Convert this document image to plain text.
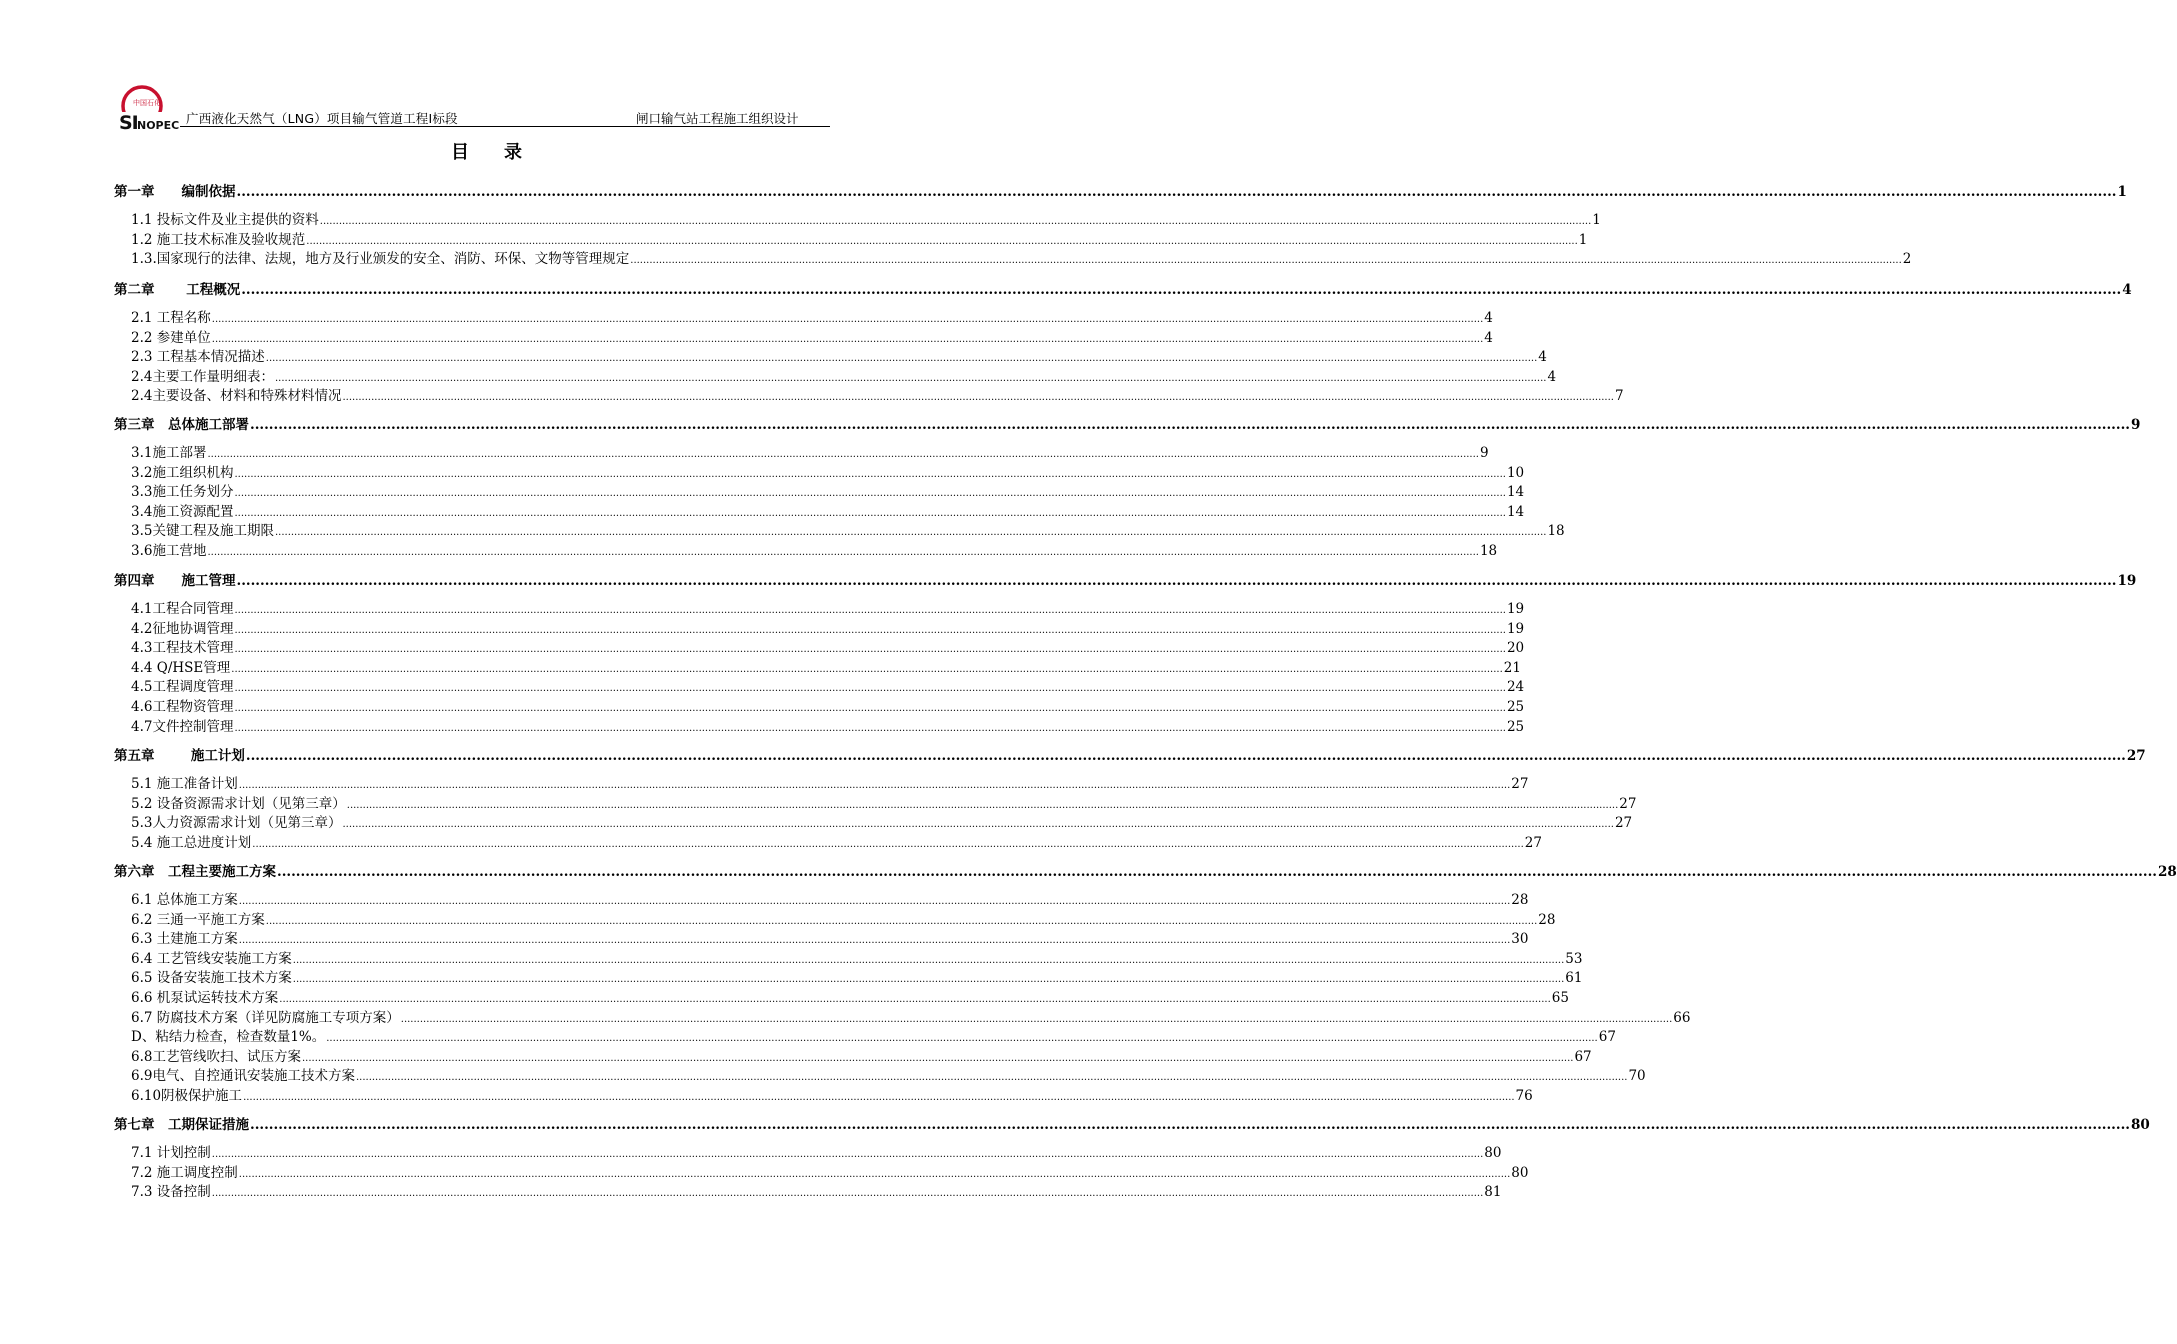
中国石化
SI NOPEC 广西液化天然气（LNG）项目输气管道工程Ⅰ标段	闸口输气站工程施工组织设计
目    录
第一章　　编制依据 ................................................................................................................................................................................................................................................................................................................................................................................................................ 1
1.1 投标文件及业主提供的资料 ................................................................................................................................................................................................................................................................................................................................................................................................................ 1
1.2 施工技术标准及验收规范 ................................................................................................................................................................................................................................................................................................................................................................................................................ 1
1.3.国家现行的法律、法规，地方及行业颁发的安全、消防、环保、文物等管理规定 ................................................................................................................................................................................................................................................................................................................................................................................................................ 2
第二章　　 工程概况 ................................................................................................................................................................................................................................................................................................................................................................................................................ 4
2.1 工程名称 ................................................................................................................................................................................................................................................................................................................................................................................................................ 4
2.2 参建单位 ................................................................................................................................................................................................................................................................................................................................................................................................................ 4
2.3 工程基本情况描述 ................................................................................................................................................................................................................................................................................................................................................................................................................ 4
2.4主要工作量明细表： ................................................................................................................................................................................................................................................................................................................................................................................................................ 4
2.4主要设备、材料和特殊材料情况 ................................................................................................................................................................................................................................................................................................................................................................................................................ 7
第三章　总体施工部署 ................................................................................................................................................................................................................................................................................................................................................................................................................ 9
3.1施工部署 ................................................................................................................................................................................................................................................................................................................................................................................................................ 9
3.2施工组织机构 ................................................................................................................................................................................................................................................................................................................................................................................................................ 10
3.3施工任务划分 ................................................................................................................................................................................................................................................................................................................................................................................................................ 14
3.4施工资源配置 ................................................................................................................................................................................................................................................................................................................................................................................................................ 14
3.5关键工程及施工期限 ................................................................................................................................................................................................................................................................................................................................................................................................................ 18
3.6施工营地 ................................................................................................................................................................................................................................................................................................................................................................................................................ 18
第四章　　施工管理 ................................................................................................................................................................................................................................................................................................................................................................................................................ 19
4.1工程合同管理 ................................................................................................................................................................................................................................................................................................................................................................................................................ 19
4.2征地协调管理 ................................................................................................................................................................................................................................................................................................................................................................................................................ 19
4.3工程技术管理 ................................................................................................................................................................................................................................................................................................................................................................................................................ 20
4.4 Q/HSE管理 ................................................................................................................................................................................................................................................................................................................................................................................................................ 21
4.5工程调度管理 ................................................................................................................................................................................................................................................................................................................................................................................................................ 24
4.6工程物资管理 ................................................................................................................................................................................................................................................................................................................................................................................................................ 25
4.7文件控制管理 ................................................................................................................................................................................................................................................................................................................................................................................................................ 25
第五章　　  施工计划 ................................................................................................................................................................................................................................................................................................................................................................................................................ 27
5.1 施工准备计划 ................................................................................................................................................................................................................................................................................................................................................................................................................ 27
5.2 设备资源需求计划（见第三章） ................................................................................................................................................................................................................................................................................................................................................................................................................ 27
5.3人力资源需求计划（见第三章） ................................................................................................................................................................................................................................................................................................................................................................................................................ 27
5.4 施工总进度计划 ................................................................................................................................................................................................................................................................................................................................................................................................................ 27
第六章　工程主要施工方案 ................................................................................................................................................................................................................................................................................................................................................................................................................ 28
6.1 总体施工方案 ................................................................................................................................................................................................................................................................................................................................................................................................................ 28
6.2 三通一平施工方案 ................................................................................................................................................................................................................................................................................................................................................................................................................ 28
6.3 土建施工方案 ................................................................................................................................................................................................................................................................................................................................................................................................................ 30
6.4 工艺管线安装施工方案 ................................................................................................................................................................................................................................................................................................................................................................................................................ 53
6.5 设备安装施工技术方案 ................................................................................................................................................................................................................................................................................................................................................................................................................ 61
6.6 机泵试运转技术方案 ................................................................................................................................................................................................................................................................................................................................................................................................................ 65
6.7 防腐技术方案（详见防腐施工专项方案） ................................................................................................................................................................................................................................................................................................................................................................................................................ 66
D、粘结力检查，检查数量1%。 ................................................................................................................................................................................................................................................................................................................................................................................................................ 67
6.8工艺管线吹扫、试压方案 ................................................................................................................................................................................................................................................................................................................................................................................................................ 67
6.9电气、自控通讯安装施工技术方案 ................................................................................................................................................................................................................................................................................................................................................................................................................ 70
6.10阴极保护施工 ................................................................................................................................................................................................................................................................................................................................................................................................................ 76
第七章　工期保证措施 ................................................................................................................................................................................................................................................................................................................................................................................................................ 80
7.1 计划控制 ................................................................................................................................................................................................................................................................................................................................................................................................................ 80
7.2 施工调度控制 ................................................................................................................................................................................................................................................................................................................................................................................................................ 80
7.3 设备控制 ................................................................................................................................................................................................................................................................................................................................................................................................................ 81
